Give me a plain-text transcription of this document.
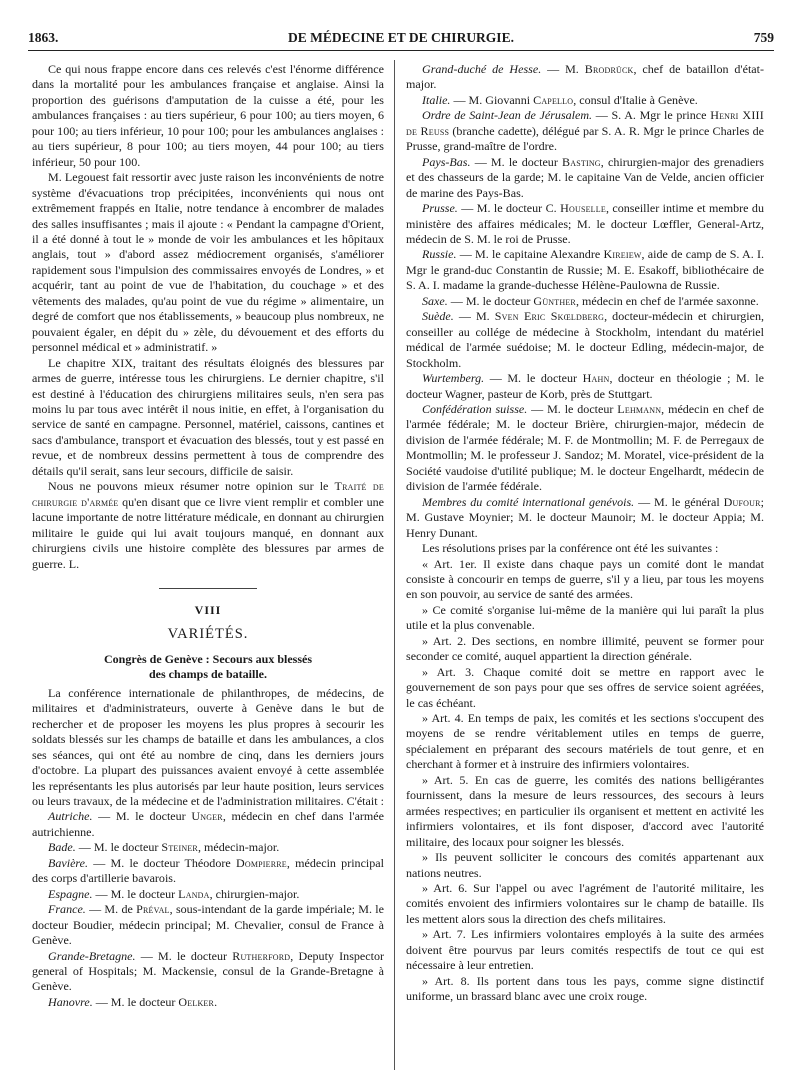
1863.	DE MÉDECINE ET DE CHIRURGIE.	759

Ce qui nous frappe encore dans ces relevés c'est l'énorme différence dans la mortalité pour les ambulances française et anglaise. Ainsi la proportion des guérisons d'amputation de la cuisse a été, pour les ambulances françaises : au tiers supérieur, 6 pour 100; au tiers moyen, 6 pour 100; au tiers inférieur, 10 pour 100; pour les ambulances anglaises : au tiers supérieur, 8 pour 100; au tiers moyen, 44 pour 100; au tiers inférieur, 50 pour 100.

M. Legouest fait ressortir avec juste raison les inconvénients de notre système d'évacuations trop précipitées, inconvénients qui nous ont extrêmement frappés en Italie, notre tendance à encombrer de malades des salles insuffisantes ; mais il ajoute : « Pendant la campagne d'Orient, il a été donné à tout le » monde de voir les ambulances et les hôpitaux anglais, tout » d'abord assez médiocrement organisés, s'améliorer rapidement sous l'impulsion des commissaires envoyés de Londres, » et acquérir, tant au point de vue de l'habitation, du couchage » et des vêtements des malades, qu'au point de vue du régime » alimentaire, un degré de comfort que nos établissements, » beaucoup plus nombreux, ne pouvaient égaler, en dépit du » zèle, du dévouement et des efforts du personnel médical et » administratif. »

Le chapitre XIX, traitant des résultats éloignés des blessures par armes de guerre, intéresse tous les chirurgiens. Le dernier chapitre, s'il est destiné à l'éducation des chirurgiens militaires seuls, n'en sera pas moins lu par tous avec intérêt il nous initie, en effet, à l'organisation du service de santé en campagne. Personnel, matériel, caissons, cantines et sacs d'ambulance, transport et évacuation des blessés, tout y est passé en revue, et de nombreux dessins permettent à tous de comprendre des détails qu'il serait, sans leur secours, difficile de saisir.

Nous ne pouvons mieux résumer notre opinion sur le Traité de chirurgie d'armée qu'en disant que ce livre vient remplir et combler une lacune importante de notre littérature médicale, en donnant au chirurgien militaire le guide qui lui avait toujours manqué, en donnant aux chirurgiens civils une histoire complète des blessures par armes de guerre. L.

VIII
VARIÉTÉS.
Congrès de Genève : Secours aux blessés
des champs de bataille.

La conférence internationale de philanthropes, de médecins, de militaires et d'administrateurs, ouverte à Genève dans le but de rechercher et de proposer les moyens les plus propres à secourir les soldats blessés sur les champs de bataille et dans les ambulances, a clos ses séances, qui ont été au nombre de cinq, dans les derniers jours d'octobre. La plupart des puissances avaient envoyé à cette assemblée les représentants les plus autorisés par leur haute position, leurs services ou leurs travaux, de la médecine et de l'administration militaires. C'était :

Autriche. — M. le docteur Unger, médecin en chef dans l'armée autrichienne.

Bade. — M. le docteur Steiner, médecin-major.

Bavière. — M. le docteur Théodore Dompierre, médecin principal des corps d'artillerie bavarois.

Espagne. — M. le docteur Landa, chirurgien-major.

France. — M. de Préval, sous-intendant de la garde impériale; M. le docteur Boudier, médecin principal; M. Chevalier, consul de France à Genève.

Grande-Bretagne. — M. le docteur Rutherford, Deputy Inspector general of Hospitals; M. Mackensie, consul de la Grande-Bretagne à Genève.

Hanovre. — M. le docteur Oelker.

Grand-duché de Hesse. — M. Brodrück, chef de bataillon d'état-major.

Italie. — M. Giovanni Capello, consul d'Italie à Genève.

Ordre de Saint-Jean de Jérusalem. — S. A. Mgr le prince Henri XIII de Reuss (branche cadette), délégué par S. A. R. Mgr le prince Charles de Prusse, grand-maître de l'ordre.

Pays-Bas. — M. le docteur Basting, chirurgien-major des grenadiers et des chasseurs de la garde; M. le capitaine Van de Velde, ancien officier de marine des Pays-Bas.

Prusse. — M. le docteur C. Houselle, conseiller intime et membre du ministère des affaires médicales; M. le docteur Lœffler, General-Artz, médecin de S. M. le roi de Prusse.

Russie. — M. le capitaine Alexandre Kireiew, aide de camp de S. A. I. Mgr le grand-duc Constantin de Russie; M. E. Esakoff, bibliothécaire de S. A. I. madame la grande-duchesse Hélène-Paulowna de Russie.

Saxe. — M. le docteur Günther, médecin en chef de l'armée saxonne.

Suède. — M. Sven Eric Skœldberg, docteur-médecin et chirurgien, conseiller au collége de médecine à Stockholm, intendant du matériel médical de l'armée suédoise; M. le docteur Edling, médecin-major, de Stockholm.

Wurtemberg. — M. le docteur Hahn, docteur en théologie ; M. le docteur Wagner, pasteur de Korb, près de Stuttgart.

Confédération suisse. — M. le docteur Lehmann, médecin en chef de l'armée fédérale; M. le docteur Brière, chirurgien-major, médecin de division de l'armée fédérale; M. F. de Montmollin; M. F. de Perregaux de Montmollin; M. le professeur J. Sandoz; M. Moratel, vice-président de la Société vaudoise d'utilité publique; M. le docteur Engelhardt, médecin de division de l'armée fédérale.

Membres du comité international genévois. — M. le général Dufour; M. Gustave Moynier; M. le docteur Maunoir; M. le docteur Appia; M. Henry Dunant.

Les résolutions prises par la conférence ont été les suivantes :

« Art. 1er. Il existe dans chaque pays un comité dont le mandat consiste à concourir en temps de guerre, s'il y a lieu, par tous les moyens en son pouvoir, au service de santé des armées.

» Ce comité s'organise lui-même de la manière qui lui paraît la plus utile et la plus convenable.

» Art. 2. Des sections, en nombre illimité, peuvent se former pour seconder ce comité, auquel appartient la direction générale.

» Art. 3. Chaque comité doit se mettre en rapport avec le gouvernement de son pays pour que ses offres de service soient agréées, le cas échéant.

» Art. 4. En temps de paix, les comités et les sections s'occupent des moyens de se rendre véritablement utiles en temps de guerre, spécialement en préparant des secours matériels de tout genre, et en cherchant à former et à instruire des infirmiers volontaires.

» Art. 5. En cas de guerre, les comités des nations belligérantes fournissent, dans la mesure de leurs ressources, des secours à leurs armées respectives; en particulier ils organisent et mettent en activité les infirmiers volontaires, et ils font disposer, d'accord avec l'autorité militaire, des locaux pour soigner les blessés.

» Ils peuvent solliciter le concours des comités appartenant aux nations neutres.

» Art. 6. Sur l'appel ou avec l'agrément de l'autorité militaire, les comités envoient des infirmiers volontaires sur le champ de bataille. Ils les mettent alors sous la direction des chefs militaires.

» Art. 7. Les infirmiers volontaires employés à la suite des armées doivent être pourvus par leurs comités respectifs de tout ce qui est nécessaire à leur entretien.

» Art. 8. Ils portent dans tous les pays, comme signe distinctif uniforme, un brassard blanc avec une croix rouge.
